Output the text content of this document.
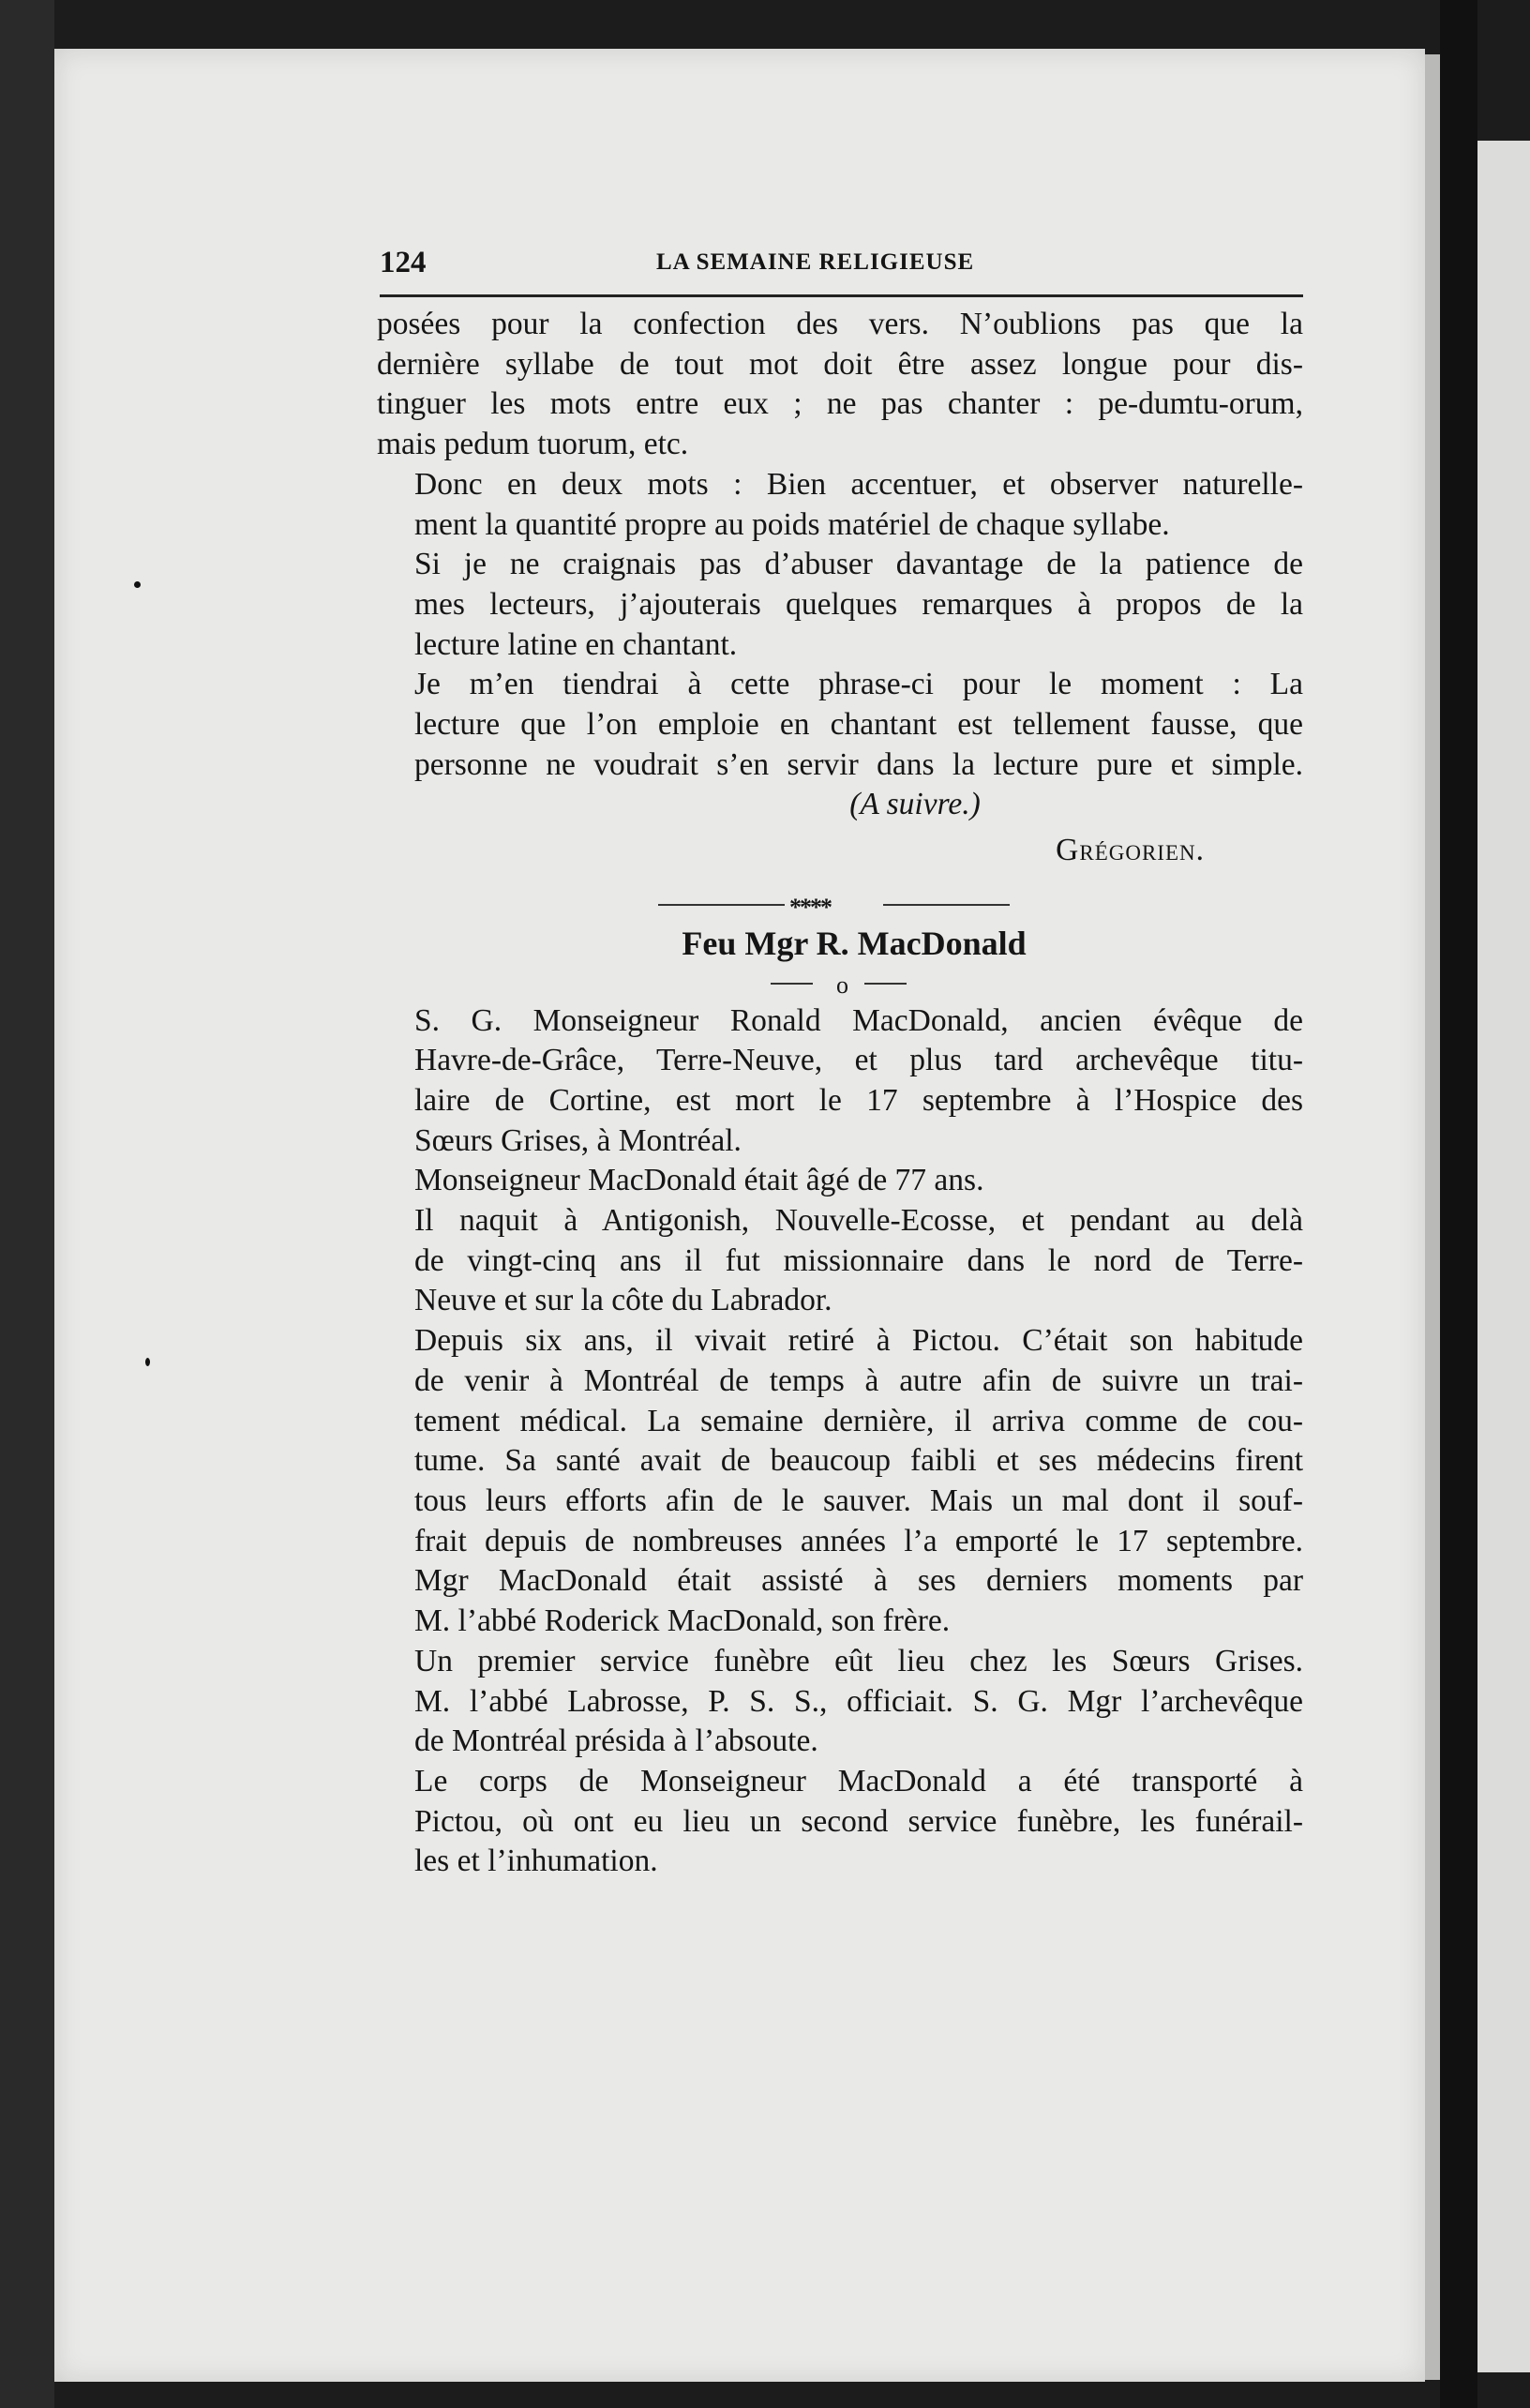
124	LA SEMAINE RELIGIEUSE

posées pour la confection des vers. N’oublions pas que la
dernière syllabe de tout mot doit être assez longue pour dis-
tinguer les mots entre eux ; ne pas chanter : pe-dumtu-orum,
mais pedum tuorum, etc.

Donc en deux mots : Bien accentuer, et observer naturelle-
ment la quantité propre au poids matériel de chaque syllabe.

Si je ne craignais pas d’abuser davantage de la patience de
mes lecteurs, j’ajouterais quelques remarques à propos de la
lecture latine en chantant.

Je m’en tiendrai à cette phrase-ci pour le moment : La
lecture que l’on emploie en chantant est tellement fausse, que
personne ne voudrait s’en servir dans la lecture pure et simple.

(A suivre.)
Grégorien.
****
Feu Mgr R. MacDonald
o

S. G. Monseigneur Ronald MacDonald, ancien évêque de
Havre-de-Grâce, Terre-Neuve, et plus tard archevêque titu-
laire de Cortine, est mort le 17 septembre à l’Hospice des
Sœurs Grises, à Montréal.

Monseigneur MacDonald était âgé de 77 ans.

Il naquit à Antigonish, Nouvelle-Ecosse, et pendant au delà
de vingt-cinq ans il fut missionnaire dans le nord de Terre-
Neuve et sur la côte du Labrador.

Depuis six ans, il vivait retiré à Pictou. C’était son habitude
de venir à Montréal de temps à autre afin de suivre un trai-
tement médical. La semaine dernière, il arriva comme de cou-
tume. Sa santé avait de beaucoup faibli et ses médecins firent
tous leurs efforts afin de le sauver. Mais un mal dont il souf-
frait depuis de nombreuses années l’a emporté le 17 septembre.

Mgr MacDonald était assisté à ses derniers moments par
M. l’abbé Roderick MacDonald, son frère.

Un premier service funèbre eût lieu chez les Sœurs Grises.
M. l’abbé Labrosse, P. S. S., officiait. S. G. Mgr l’archevêque
de Montréal présida à l’absoute.

Le corps de Monseigneur MacDonald a été transporté à
Pictou, où ont eu lieu un second service funèbre, les funérail-
les et l’inhumation.
